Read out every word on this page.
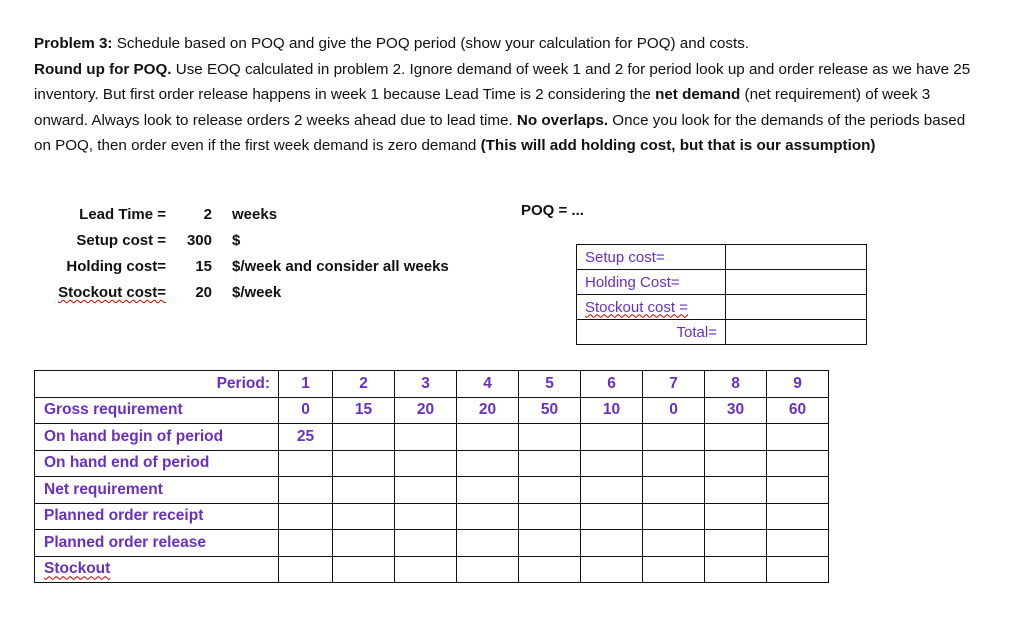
Problem 3: Schedule based on POQ and give the POQ period (show your calculation for POQ) and costs.
Round up for POQ. Use EOQ calculated in problem 2. Ignore demand of week 1 and 2 for period look up and order release as we have 25 inventory. But first order release happens in week 1 because Lead Time is 2 considering the net demand (net requirement) of week 3 onward. Always look to release orders 2 weeks ahead due to lead time. No overlaps. Once you look for the demands of the periods based on POQ, then order even if the first week demand is zero demand (This will add holding cost, but that is our assumption)
Lead Time =	2 weeks
Setup cost =	300 $
Holding cost=	15 $/week and consider all weeks
Stockout cost=	20 $/week
POQ = ...
Setup cost=	
Holding Cost=	
Stockout cost =	
Total=	
Period:	1	2	3	4	5	6	7	8	9
Gross requirement	0	15	20	20	50	10	0	30	60
On hand begin of period	25								
On hand end of period									
Net requirement									
Planned order receipt									
Planned order release									
Stockout									
